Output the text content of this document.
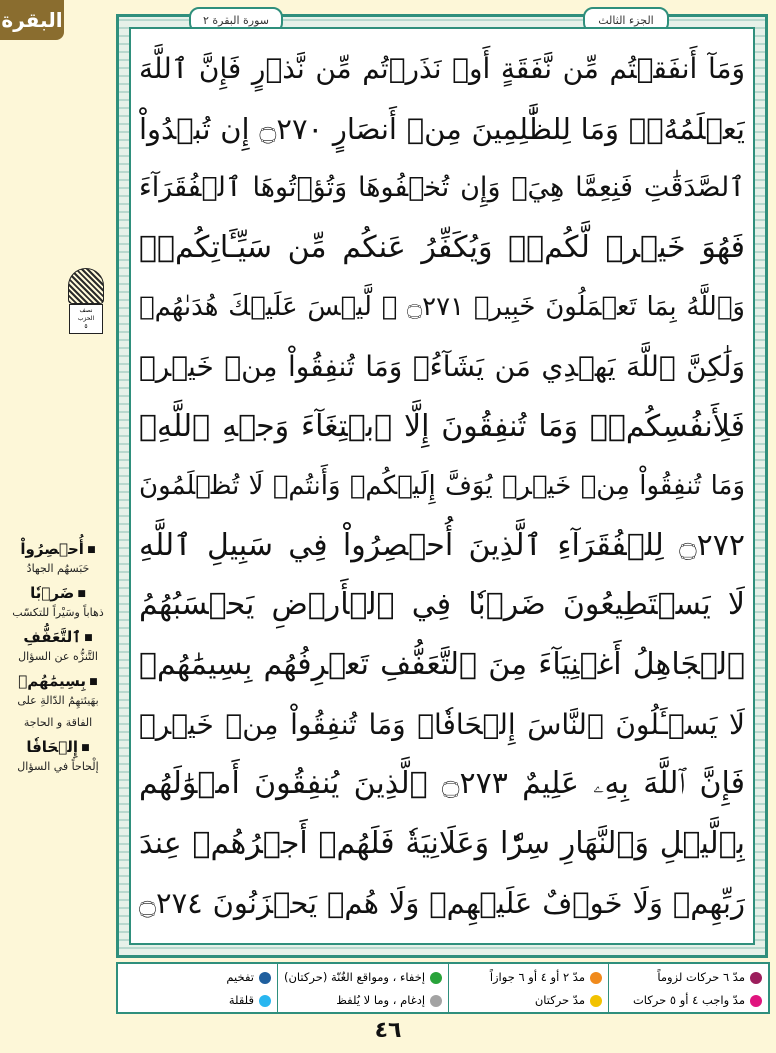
البقرة
نصف
الحزب
٥
الجزء الثالث
سورة البقرة ٢
وَمَآ أَنفَقۡتُم مِّن نَّفَقَةٍ أَوۡ نَذَرۡتُم مِّن نَّذۡرٍ فَإِنَّ ٱللَّهَ
يَعۡلَمُهُۥۗ وَمَا لِلظَّٰلِمِينَ مِنۡ أَنصَارٍ ۝٢٧٠ إِن تُبۡدُواْ
ٱلصَّدَقَٰتِ فَنِعِمَّا هِيَۖ وَإِن تُخۡفُوهَا وَتُؤۡتُوهَا ٱلۡفُقَرَآءَ
فَهُوَ خَيۡرٞ لَّكُمۡۚ وَيُكَفِّرُ عَنكُم مِّن سَيِّـَٔاتِكُمۡۗ
وَٱللَّهُ بِمَا تَعۡمَلُونَ خَبِيرٞ ۝٢٧١ ۞ لَّيۡسَ عَلَيۡكَ هُدَىٰهُمۡ
وَلَٰكِنَّ ٱللَّهَ يَهۡدِي مَن يَشَآءُۗ وَمَا تُنفِقُواْ مِنۡ خَيۡرٖ
فَلِأَنفُسِكُمۡۚ وَمَا تُنفِقُونَ إِلَّا ٱبۡتِغَآءَ وَجۡهِ ٱللَّهِۚ
وَمَا تُنفِقُواْ مِنۡ خَيۡرٖ يُوَفَّ إِلَيۡكُمۡ وَأَنتُمۡ لَا تُظۡلَمُونَ
۝٢٧٢ لِلۡفُقَرَآءِ ٱلَّذِينَ أُحۡصِرُواْ فِي سَبِيلِ ٱللَّهِ
لَا يَسۡتَطِيعُونَ ضَرۡبٗا فِي ٱلۡأَرۡضِ يَحۡسَبُهُمُ
ٱلۡجَاهِلُ أَغۡنِيَآءَ مِنَ ٱلتَّعَفُّفِ تَعۡرِفُهُم بِسِيمَٰهُمۡ
لَا يَسۡـَٔلُونَ ٱلنَّاسَ إِلۡحَافٗاۗ وَمَا تُنفِقُواْ مِنۡ خَيۡرٖ
فَإِنَّ ٱللَّهَ بِهِۦ عَلِيمٌ ۝٢٧٣ ٱلَّذِينَ يُنفِقُونَ أَمۡوَٰلَهُم
بِٱلَّيۡلِ وَٱلنَّهَارِ سِرّٗا وَعَلَانِيَةٗ فَلَهُمۡ أَجۡرُهُمۡ عِندَ
رَبِّهِمۡ وَلَا خَوۡفٌ عَلَيۡهِمۡ وَلَا هُمۡ يَحۡزَنُونَ ۝٢٧٤
■ أُحۡصِرُواْ
حَبَسهُم الجهادُ
■ ضَرۡبٗا
ذهاباً وسَيْراً للتكسّب
■ ٱلتَّعَفُّفِ
التَّنزُّه عن السؤال
■ بِسِيمَٰهُمۡ
بهَيئتهِمُ الدّالةِ على الفاقة و الحاجة
■ إِلۡحَافٗا
إلْحاحاً في السؤال
مدّ ٦ حركات لزوماً
مدّ واجب ٤ أو ٥ حركات
مدّ ٢ أو ٤ أو ٦ جوازاً
مدّ حركتان
إخفاء ، ومواقع الغُنّة (حركتان)
إدغام ، وما لا يُلفظ
تفخيم
قلقلة
٤٦
